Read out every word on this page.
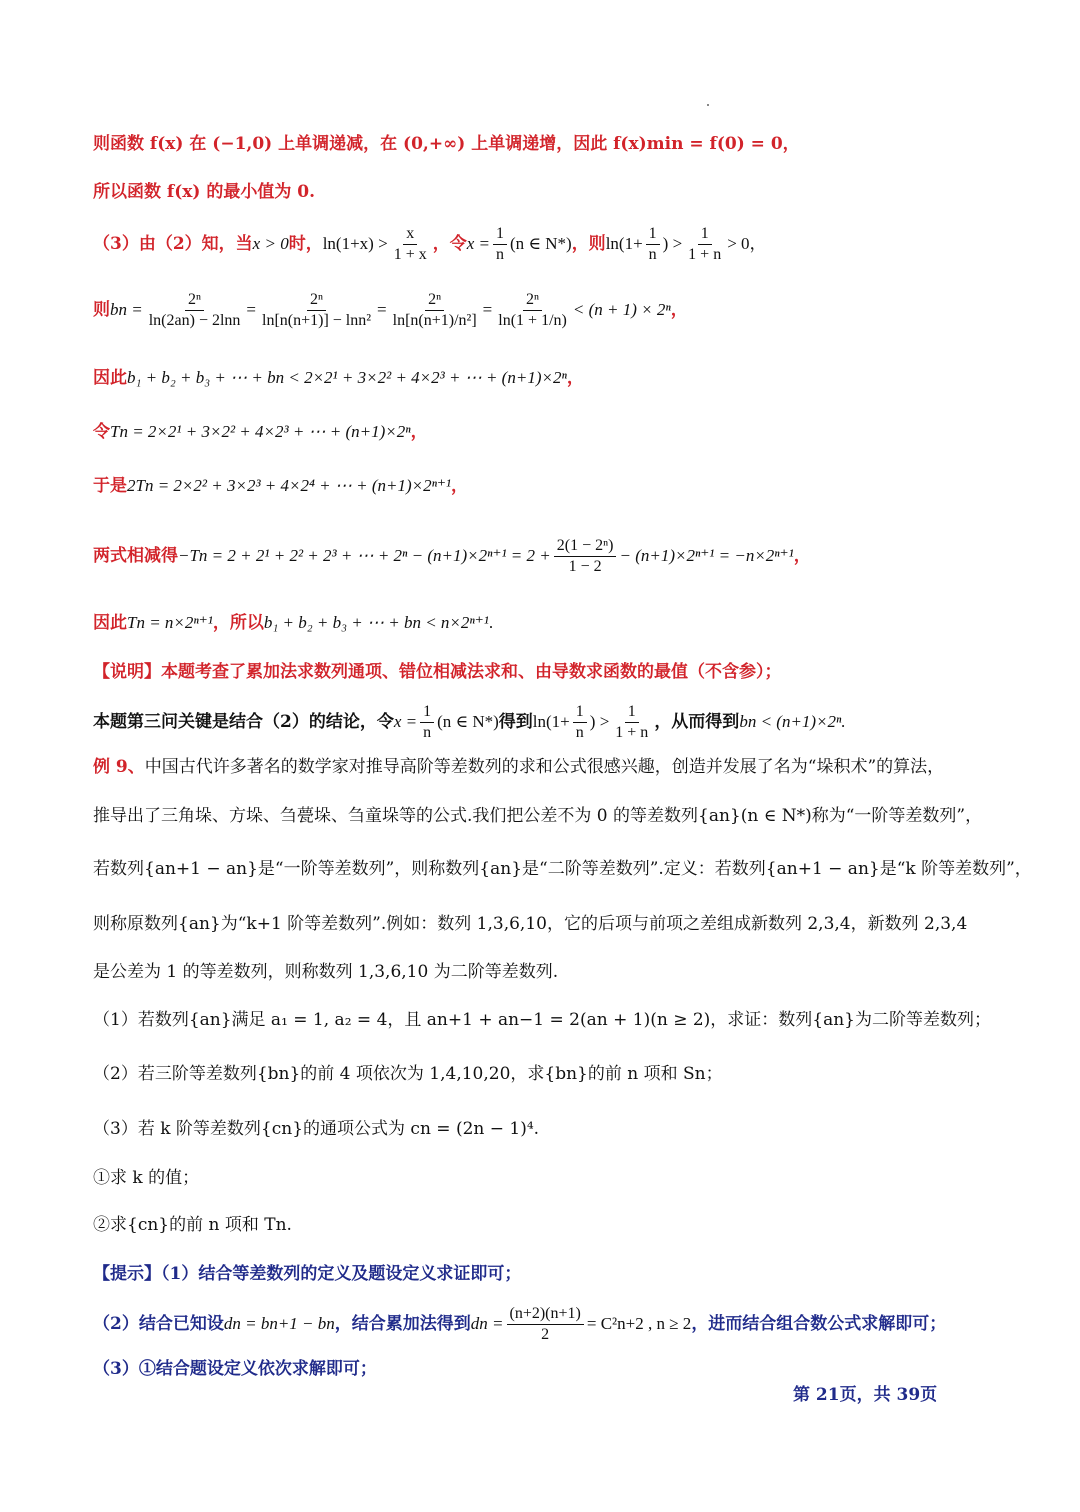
则函数 f(x) 在 (−1,0) 上单调递减，在 (0,+∞) 上单调递增，因此 f(x)min = f(0) = 0，
所以函数 f(x) 的最小值为 0.
（3）由（2）知，当 x > 0 时， $\ln(1+x) > \frac{x}{1 + x}$ ，令 $x = \frac{1}{n} (n$ ∈ N*) ，则 $\ln(1+ \frac{1}{n}$ ) > $\frac{1}{1 + n} > 0$，
则 bn = $\frac{\text{2ⁿ}}{\ln(2an) - 2\ln n} = \frac{\text{2ⁿ}}{\text{ln[n(n+1)] − lnn²}} = \frac{\text{2ⁿ}}{\text{ln[n(n+1)/n²]}} = \frac{\text{2ⁿ}}{\ln(1 + 1/n)} < (n + 1) \times 2^n$ ，
因此 b₁ + b₂ + b₃ + ⋯ + bn < 2×2¹ + 3×2² + 4×2³ + ⋯ + (n+1)×2ⁿ ，
令 Tn = 2×2¹ + 3×2² + 4×2³ + ⋯ + (n+1)×2ⁿ ，
于是 2Tn = 2×2² + 3×2³ + 4×2⁴ + ⋯ + (n+1)×2ⁿ⁺¹ ，
两式相减得 −Tn = 2 + 2¹ + 2² + 2³ + ⋯ + $2^n - (n+1)\times 2^{n+1} = 2 + \frac{\text{2(1 − 2ⁿ)}}{1 - 2} - (n+1)\times 2^{n+1} = -n\times 2^{n+1}$ ，
因此 Tn = n×2ⁿ⁺¹ ，所以 b₁ + b₂ + b₃ + ⋯ + bn < n×2ⁿ⁺¹ .
【说明】本题考查了累加法求数列通项、错位相减法求和、由导数求函数的最值（不含参）；
本题第三问关键是结合（2）的结论，令 $x = \frac{1}{n} (n$ ∈ N*) 得到 $\ln(1+ \frac{1}{n}$ ) > $\frac{1}{1 + n}$ ，从而得到 bn < (n+1)×2ⁿ.
例 9、 中国古代许多著名的数学家对推导高阶等差数列的求和公式很感兴趣，创造并发展了名为“垛积术”的算法，
推导出了三角垛、方垛、刍甍垛、刍童垛等的公式.我们把公差不为 0 的等差数列{an}(n ∈ N*)称为“一阶等差数列”，
若数列{an+1 − an}是“一阶等差数列”，则称数列{an}是“二阶等差数列”.定义：若数列{an+1 − an}是“k 阶等差数列”，
则称原数列{an}为“k+1 阶等差数列”.例如：数列 1,3,6,10，它的后项与前项之差组成新数列 2,3,4，新数列 2,3,4
是公差为 1 的等差数列，则称数列 1,3,6,10 为二阶等差数列.
（1）若数列{an}满足 a₁ = 1, a₂ = 4，且 an+1 + an−1 = 2(an + 1)(n ≥ 2)，求证：数列{an}为二阶等差数列；
（2）若三阶等差数列{bn}的前 4 项依次为 1,4,10,20，求{bn}的前 n 项和 Sn；
（3）若 k 阶等差数列{cn}的通项公式为 cn = (2n − 1)⁴.
①求 k 的值；
②求{cn}的前 n 项和 Tn.
【提示】（1）结合等差数列的定义及题设定义求证即可；
（2）结合已知设 dn = bn+1 − bn ，结合累加法得到 dn = $\frac{(n+2)(n+1)}{2} = C^2n+2$ , n ≥ 2 ，进而结合组合数公式求解即可；
（3）①结合题设定义依次求解即可；
第 21页，共 39页
